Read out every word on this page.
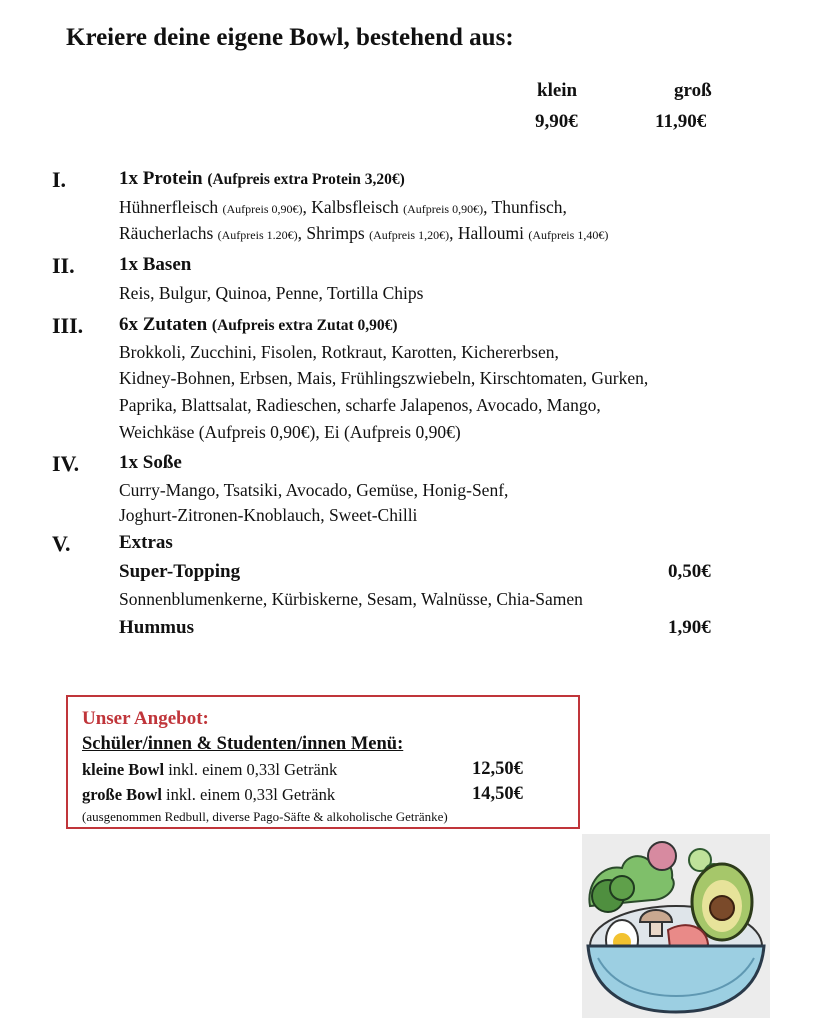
Kreiere deine eigene Bowl, bestehend aus:
klein	groß
9,90€	11,90€
I.	1x Protein (Aufpreis extra Protein 3,20€)
Hühnerfleisch (Aufpreis 0,90€), Kalbsfleisch (Aufpreis 0,90€), Thunfisch,
Räucherlachs (Aufpreis 1.20€), Shrimps (Aufpreis 1,20€), Halloumi (Aufpreis 1,40€)
II. 1x Basen
Reis, Bulgur, Quinoa, Penne, Tortilla Chips
III. 6x Zutaten (Aufpreis extra Zutat 0,90€)
Brokkoli, Zucchini, Fisolen, Rotkraut, Karotten, Kichererbsen,
Kidney-Bohnen, Erbsen, Mais, Frühlingszwiebeln, Kirschtomaten, Gurken,
Paprika, Blattsalat, Radieschen, scharfe Jalapenos, Avocado, Mango,
Weichkäse (Aufpreis 0,90€), Ei (Aufpreis 0,90€)
IV. 1x Soße
Curry-Mango, Tsatsiki, Avocado, Gemüse, Honig-Senf,
Joghurt-Zitronen-Knoblauch, Sweet-Chilli
V.	Extras
Super-Topping	0,50€
Sonnenblumenkerne, Kürbiskerne, Sesam, Walnüsse, Chia-Samen
Hummus	1,90€
Unser Angebot:
Schüler/innen & Studenten/innen Menü:
kleine Bowl inkl. einem 0,33l Getränk	12,50€
große Bowl inkl. einem 0,33l Getränk	14,50€
(ausgenommen Redbull, diverse Pago-Säfte & alkoholische Getränke)
